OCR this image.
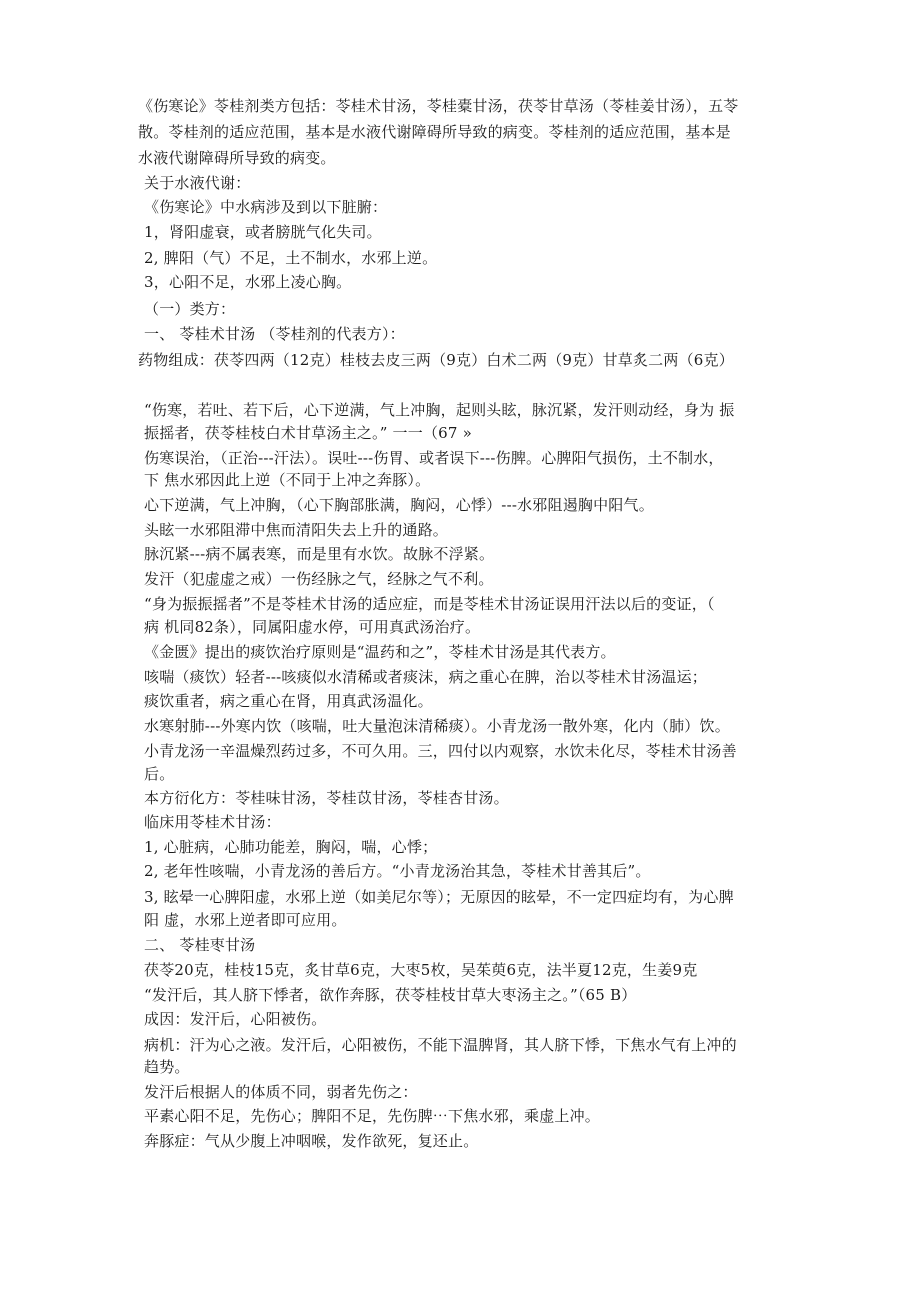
《伤寒论》苓桂剂类方包括：苓桂术甘汤，苓桂橐甘汤，茯苓甘草汤（苓桂姜甘汤），五苓
散。苓桂剂的适应范围，基本是水液代谢障碍所导致的病变。苓桂剂的适应范围，基本是
水液代谢障碍所导致的病变。
关于水液代谢：
《伤寒论》中水病涉及到以下脏腑：
1，肾阳虚衰，或者膀胱气化失司。
2, 脾阳（气）不足，土不制水，水邪上逆。
3，心阳不足，水邪上凌心胸。
（一）类方：
一、 苓桂术甘汤 （苓桂剂的代表方）：
药物组成：茯苓四两（12克）桂枝去皮三两（9克）白术二两（9克）甘草炙二两（6克）
“伤寒，若吐、若下后，心下逆满，气上冲胸，起则头眩，脉沉紧，发汗则动经，身为 振
振摇者，茯苓桂枝白术甘草汤主之。” 一一（67 »
伤寒误治，（正治---汗法）。误吐---伤胃、或者误下---伤脾。心脾阳气损伤，土不制水，
下 焦水邪因此上逆（不同于上冲之奔豚）。
心下逆满，气上冲胸，（心下胸部胀满，胸闷，心悸）---水邪阻遏胸中阳气。
头眩一水邪阻滞中焦而清阳失去上升的通路。
脉沉紧---病不属表寒，而是里有水饮。故脉不浮紧。
发汗（犯虚虚之戒）一伤经脉之气，经脉之气不利。
“身为振振摇者”不是苓桂术甘汤的适应症，而是苓桂术甘汤证误用汗法以后的变证，（
病 机同82条），同属阳虚水停，可用真武汤治疗。
《金匮》提出的痰饮治疗原则是“温药和之”，苓桂术甘汤是其代表方。
咳喘（痰饮）轻者---咳痰似水清稀或者痰沫，病之重心在脾，治以苓桂术甘汤温运；
痰饮重者，病之重心在肾，用真武汤温化。
水寒射肺---外寒内饮（咳喘，吐大量泡沫清稀痰）。小青龙汤一散外寒，化内（肺）饮。
小青龙汤一辛温燥烈药过多，不可久用。三，四付以内观察，水饮未化尽，苓桂术甘汤善
后。
本方衍化方：苓桂味甘汤，苓桂苡甘汤，苓桂杏甘汤。
临床用苓桂术甘汤：
1, 心脏病，心肺功能差，胸闷，喘，心悸；
2, 老年性咳喘，小青龙汤的善后方。“小青龙汤治其急，苓桂术甘善其后”。
3, 眩晕一心脾阳虚，水邪上逆（如美尼尔等）；无原因的眩晕，不一定四症均有，为心脾
阳 虚，水邪上逆者即可应用。
二、 苓桂枣甘汤
茯苓20克，桂枝15克，炙甘草6克，大枣5枚，吴茱萸6克，法半夏12克，生姜9克
“发汗后，其人脐下悸者，欲作奔豚，茯苓桂枝甘草大枣汤主之。”（65 B）
成因：发汗后，心阳被伤。
病机：汗为心之液。发汗后，心阳被伤，不能下温脾肾，其人脐下悸，下焦水气有上冲的
趋势。
发汗后根据人的体质不同，弱者先伤之：
平素心阳不足，先伤心；脾阳不足，先伤脾⋯下焦水邪，乘虚上冲。
奔豚症：气从少腹上冲咽喉，发作欲死，复还止。
